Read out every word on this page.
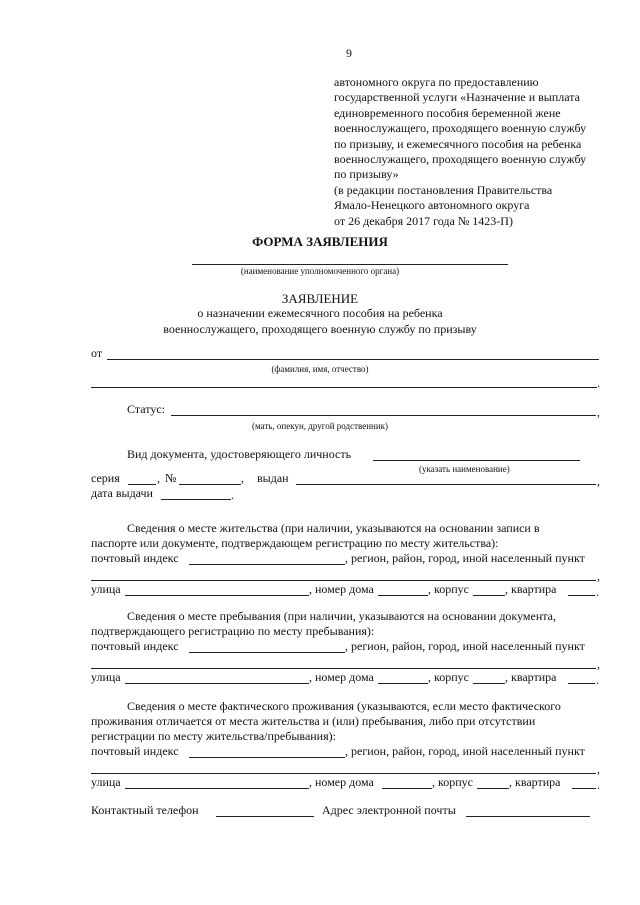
9
автономного округа по предоставлению
государственной услуги «Назначение и выплата
единовременного пособия беременной жене
военнослужащего, проходящего военную службу
по призыву, и ежемесячного пособия на ребенка
военнослужащего, проходящего военную службу
по призыву»
(в редакции постановления Правительства
Ямало-Ненецкого автономного округа
от 26 декабря 2017 года № 1423-П)
ФОРМА ЗАЯВЛЕНИЯ
(наименование уполномоченного органа)
ЗАЯВЛЕНИЕ
о назначении ежемесячного пособия на ребенка
военнослужащего, проходящего военную службу по призыву
от
(фамилия, имя, отчество)
.
Статус:	,
(мать, опекун, другой родственник)
Вид документа, удостоверяющего личность
(указать наименование)
серия	, №	, выдан	,
дата выдачи	.
Сведения о месте жительства (при наличии, указываются на основании записи в
паспорте или документе, подтверждающем регистрацию по месту жительства):
почтовый индекс	, регион, район, город, иной населенный пункт
,
улица	, номер дома	, корпус	, квартира	.
Сведения о месте пребывания (при наличии, указываются на основании документа,
подтверждающего регистрацию по месту пребывания):
почтовый индекс	, регион, район, город, иной населенный пункт
,
улица	, номер дома	, корпус	, квартира	.
Сведения о месте фактического проживания (указываются, если место фактического
проживания отличается от места жительства и (или) пребывания, либо при отсутствии
регистрации по месту жительства/пребывания):
почтовый индекс	, регион, район, город, иной населенный пункт
,
улица	, номер дома	, корпус	, квартира	.
Контактный телефон	Адрес электронной почты
